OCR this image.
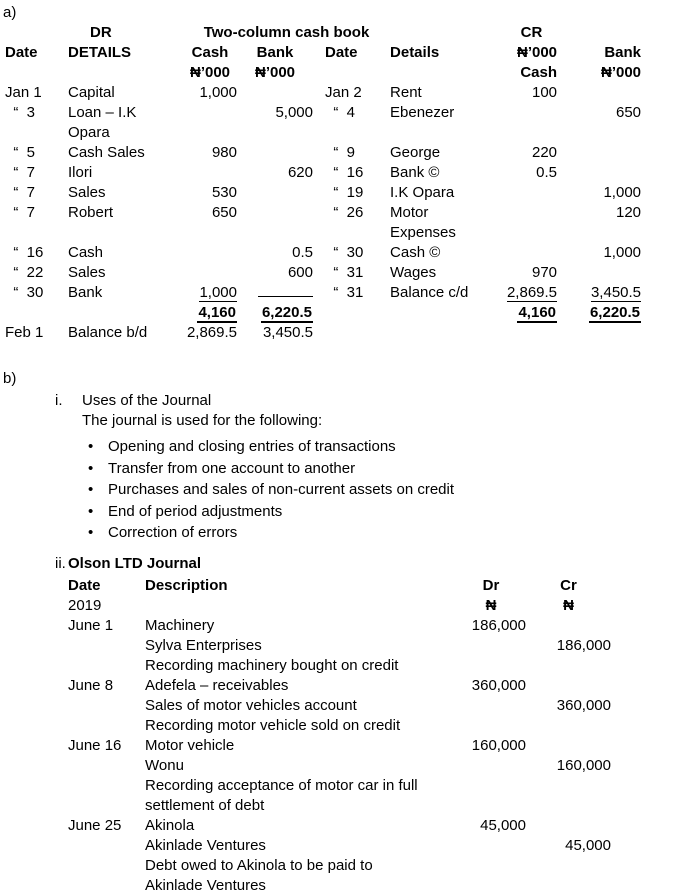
a)
	DR	Two-column cash book				CR	
Date	DETAILS	Cash	Bank	Date	Details	₦’000	Bank
		₦’000	₦’000			Cash	₦’000
Jan 1	Capital	1,000		Jan 2	Rent	100	
“  3	Loan – I.K		5,000	“  4	Ebenezer		650
	Opara						
“  5	Cash Sales	980		“  9	George	220	
“  7	Ilori		620	“  16	Bank ©	0.5	
“  7	Sales	530		“  19	I.K Opara		1,000
“  7	Robert	650		“  26	Motor		120
					Expenses		
“  16	Cash		0.5	“  30	Cash ©		1,000
“  22	Sales		600	“  31	Wages	970	
“  30	Bank	1,000		“  31	Balance c/d	2,869.5	3,450.5
		4,160	6,220.5			4,160	6,220.5
Feb 1	Balance b/d	2,869.5	3,450.5				
b)
i. Uses of the Journal
The journal is used for the following:
• Opening and closing entries of transactions
• Transfer from one account to another
• Purchases and sales of non-current assets on credit
• End of period adjustments
• Correction of errors
ii. Olson LTD Journal
Date	Description	Dr	Cr
2019		₦	₦
June 1	Machinery	186,000	
	Sylva Enterprises		186,000
	Recording machinery bought on credit		
June 8	Adefela – receivables	360,000	
	Sales of motor vehicles account		360,000
	Recording motor vehicle sold on credit		
June 16	Motor vehicle	160,000	
	Wonu		160,000
	Recording acceptance of motor car in full		
	settlement of debt		
June 25	Akinola	45,000	
	Akinlade Ventures		45,000
	Debt owed to Akinola to be paid to		
	Akinlade Ventures		
